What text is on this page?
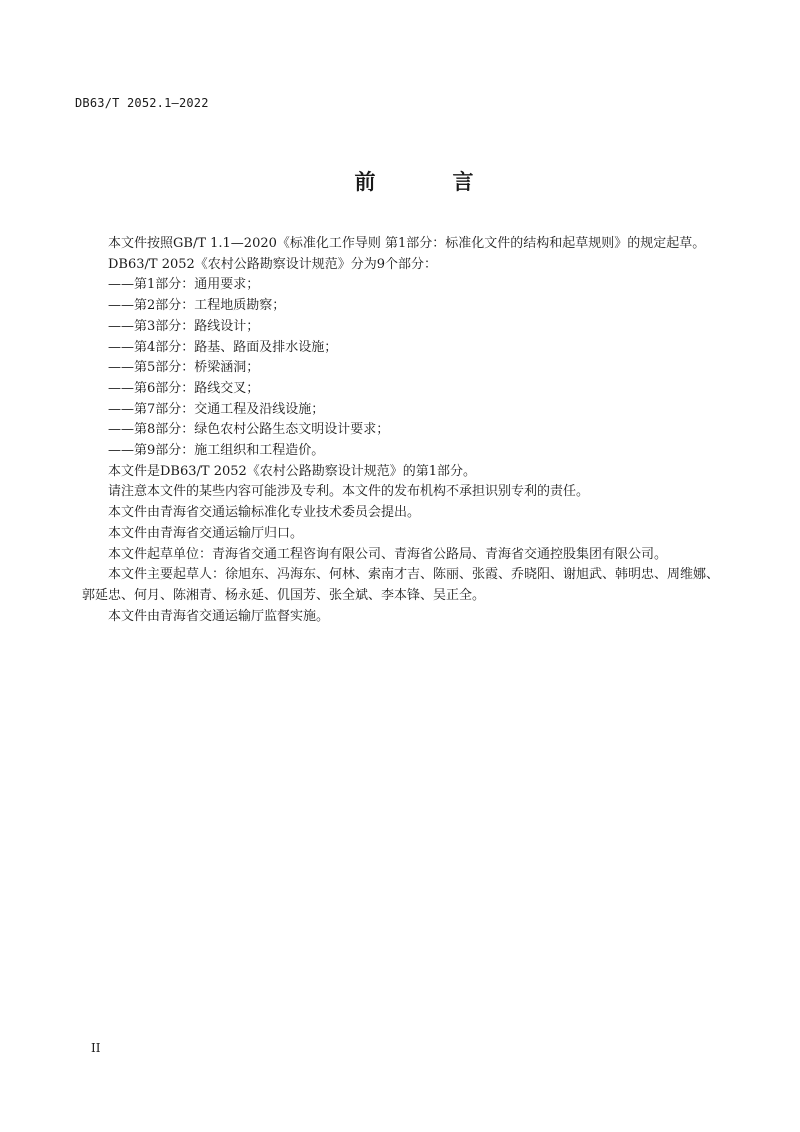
DB63/T 2052.1—2022
前　言

本文件按照GB/T 1.1—2020《标准化工作导则 第1部分：标准化文件的结构和起草规则》的规定起草。

DB63/T 2052《农村公路勘察设计规范》分为9个部分：

——第1部分：通用要求；

——第2部分：工程地质勘察；

——第3部分：路线设计；

——第4部分：路基、路面及排水设施；

——第5部分：桥梁涵洞；

——第6部分：路线交叉；

——第7部分：交通工程及沿线设施；

——第8部分：绿色农村公路生态文明设计要求；

——第9部分：施工组织和工程造价。

本文件是DB63/T 2052《农村公路勘察设计规范》的第1部分。

请注意本文件的某些内容可能涉及专利。本文件的发布机构不承担识别专利的责任。

本文件由青海省交通运输标准化专业技术委员会提出。

本文件由青海省交通运输厅归口。

本文件起草单位：青海省交通工程咨询有限公司、青海省公路局、青海省交通控股集团有限公司。

本文件主要起草人：徐旭东、冯海东、何林、索南才吉、陈丽、张霞、乔晓阳、谢旭武、韩明忠、周维娜、郭延忠、何月、陈湘青、杨永延、仉国芳、张全斌、李本锋、吴正全。

本文件由青海省交通运输厅监督实施。

II
